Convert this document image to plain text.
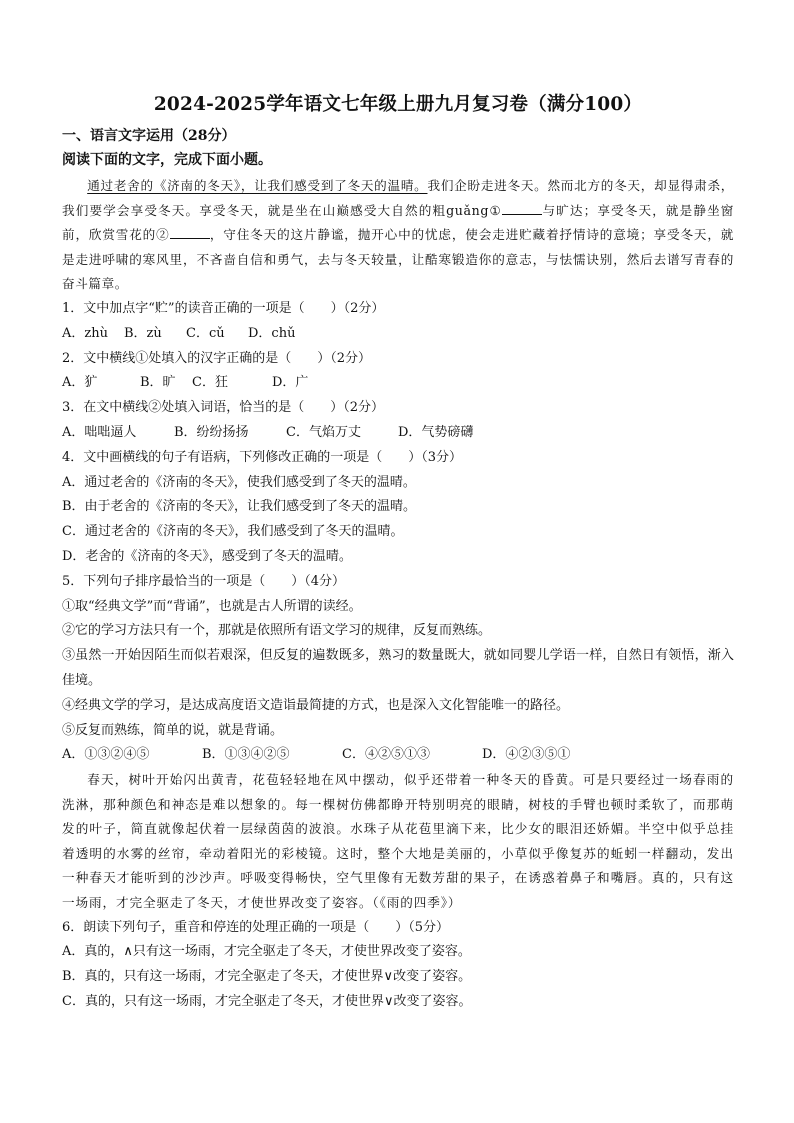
2024-2025学年语文七年级上册九月复习卷（满分100）
一、语言文字运用（28分）
阅读下面的文字，完成下面小题。

通过老舍的《济南的冬天》，让我们感受到了冬天的温晴。我们企盼走进冬天。然而北方的冬天，却显得肃杀，我们要学会享受冬天。享受冬天，就是坐在山巅感受大自然的粗guǎng①	与旷达；享受冬天，就是静坐窗前，欣赏雪花的②	，守住冬天的这片静谧，抛开心中的忧虑，使会走进贮藏着抒情诗的意境；享受冬天，就是走进呼啸的寒风里，不吝啬自信和勇气，去与冬天较量，让酷寒锻造你的意志，与怯懦诀别，然后去谱写青春的奋斗篇章。

1．文中加点字“贮”的读音正确的一项是（　　）（2分）

A．zhù B．zù C．cǔ D．chǔ

2．文中横线①处填入的汉字正确的是（　　）（2分）

A．犷	B．旷 C．狂	D．广

3．在文中横线②处填入词语，恰当的是（　　）（2分）

A．咄咄逼人	B．纷纷扬扬	C．气焰万丈	D．气势磅礴

4．文中画横线的句子有语病，下列修改正确的一项是（　　）（3分）

A．通过老舍的《济南的冬天》，使我们感受到了冬天的温晴。

B．由于老舍的《济南的冬天》，让我们感受到了冬天的温晴。

C．通过老舍的《济南的冬天》，我们感受到了冬天的温晴。

D．老舍的《济南的冬天》，感受到了冬天的温晴。

5．下列句子排序最恰当的一项是（　　）（4分）

①取“经典文学”而“背诵”，也就是古人所谓的读经。

②它的学习方法只有一个，那就是依照所有语文学习的规律，反复而熟练。

③虽然一开始因陌生而似若艰深，但反复的遍数既多，熟习的数量既大，就如同婴儿学语一样，自然日有领悟，渐入佳境。

④经典文学的学习，是达成高度语文造诣最简捷的方式，也是深入文化智能唯一的路径。

⑤反复而熟练，简单的说，就是背诵。

A．①③②④⑤	B．①③④②⑤	C．④②⑤①③	D．④②③⑤①

春天，树叶开始闪出黄青，花苞轻轻地在风中摆动，似乎还带着一种冬天的昏黄。可是只要经过一场春雨的洗淋，那种颜色和神态是难以想象的。每一棵树仿佛都睁开特别明亮的眼睛，树枝的手臂也顿时柔软了，而那萌发的叶子，简直就像起伏着一层绿茵茵的波浪。水珠子从花苞里滴下来，比少女的眼泪还娇媚。半空中似乎总挂着透明的水雾的丝帘，牵动着阳光的彩棱镜。这时，整个大地是美丽的，小草似乎像复苏的蚯蚓一样翻动，发出一种春天才能听到的沙沙声。呼吸变得畅快，空气里像有无数芳甜的果子，在诱惑着鼻子和嘴唇。真的，只有这一场雨，才完全驱走了冬天，才使世界改变了姿容。（《雨的四季》）

6．朗读下列句子，重音和停连的处理正确的一项是（　　）（5分）

A．真的，∧只有这一场雨，才完全驱走了冬天，才使世界改变了姿容。

B．真的，只有这一场雨，才完全驱走了冬天，才使世界∨改变了姿容。

C．真的，只有这一场雨，才完全驱走了冬天，才使世界∨改变了姿容。
